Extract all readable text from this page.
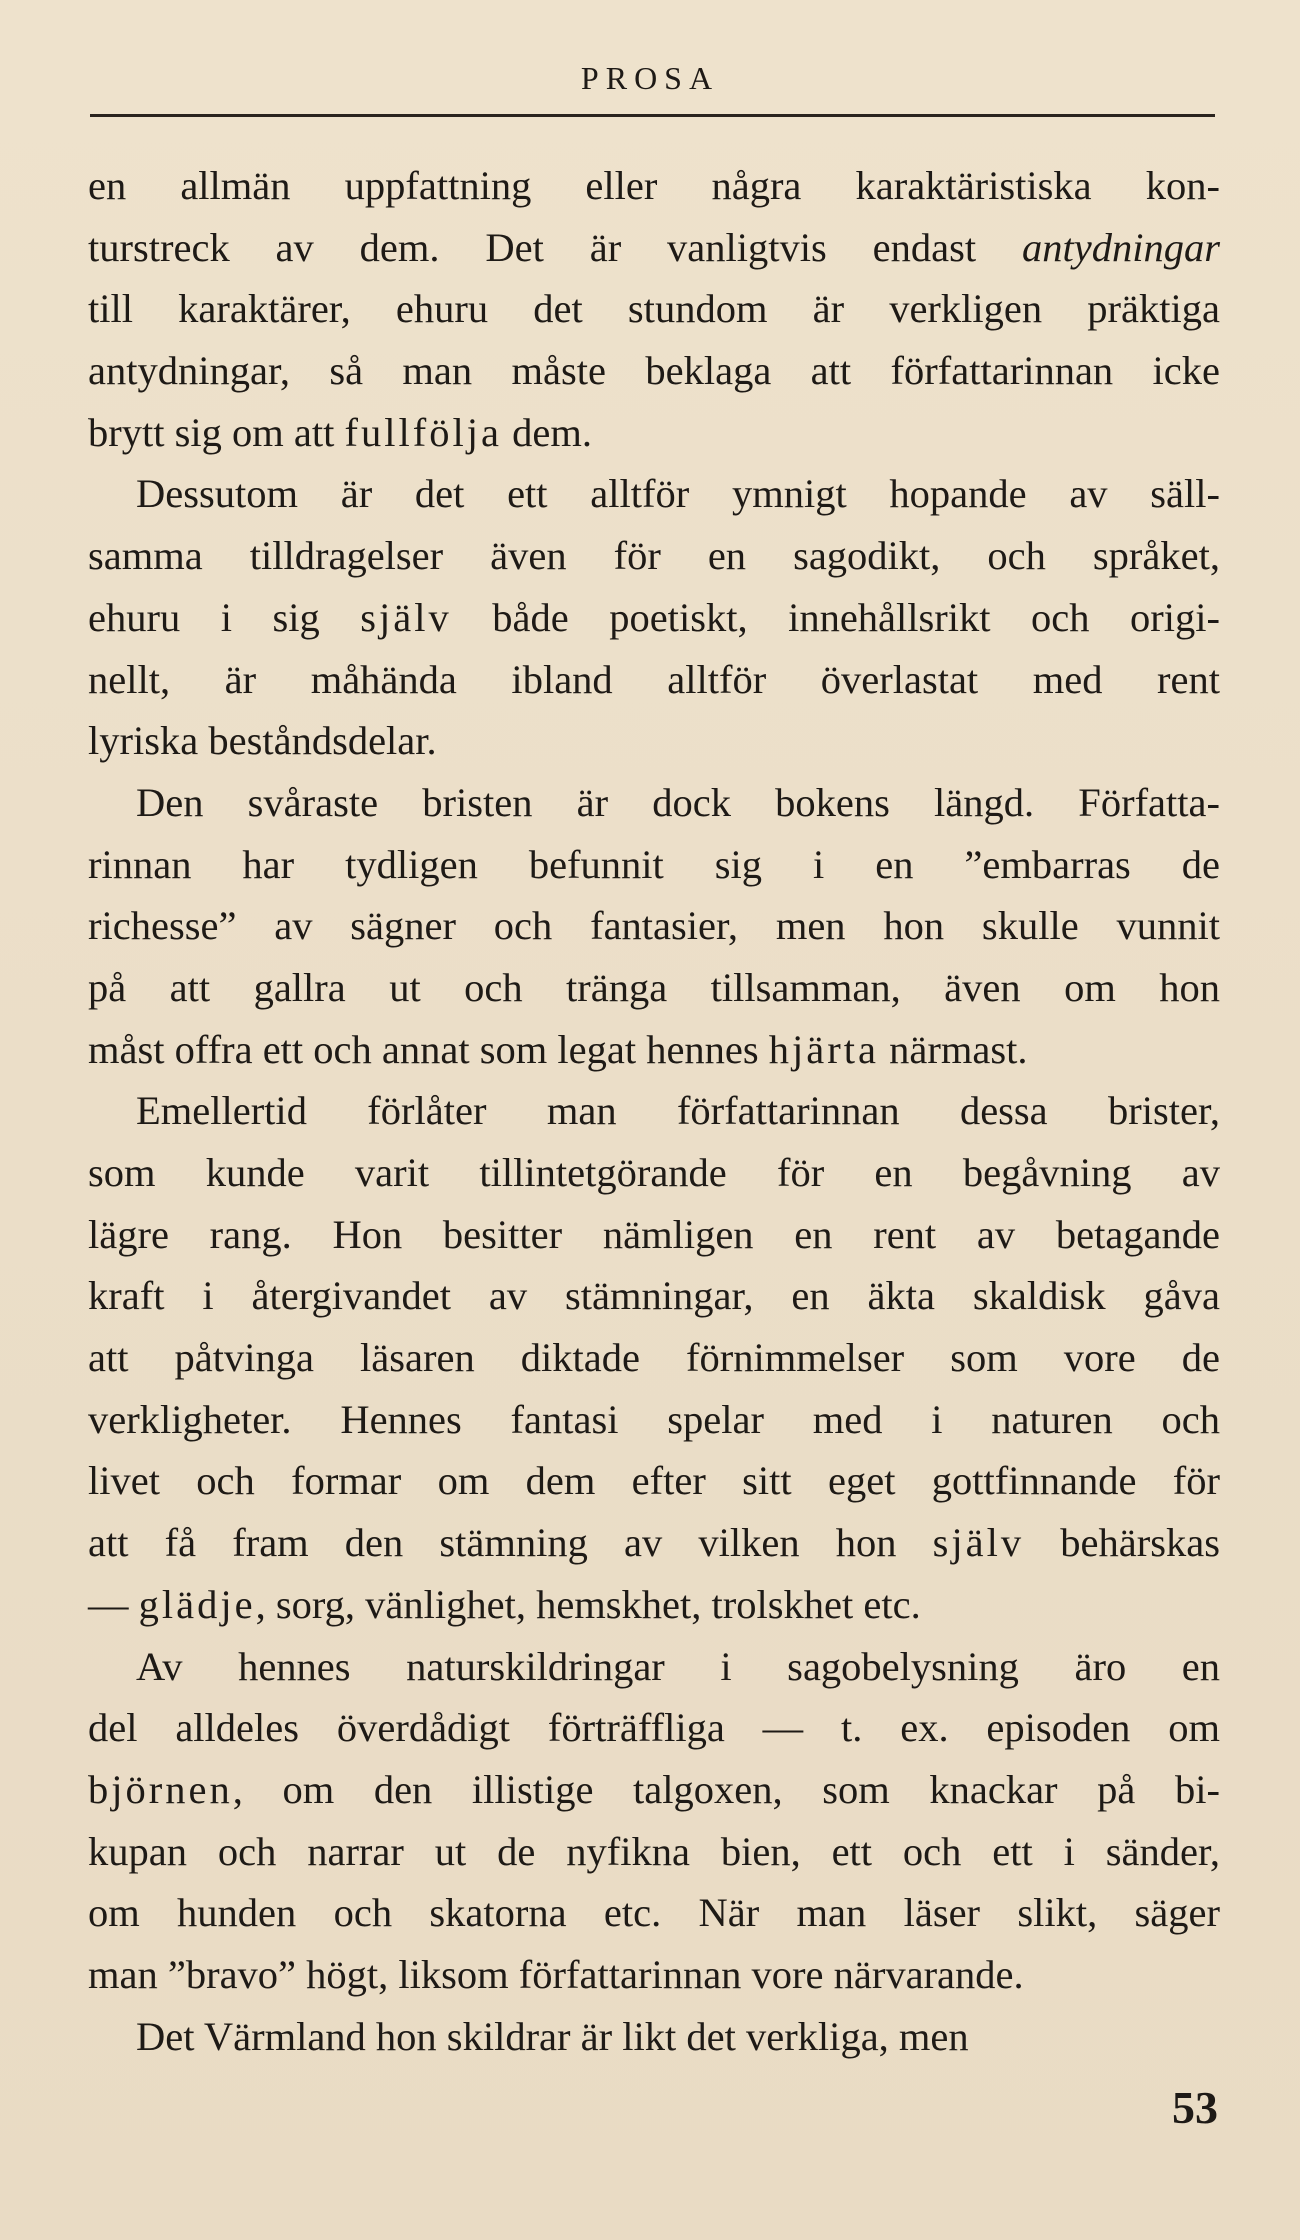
PROSA
en allmän uppfattning eller några karaktäristiska kon-
turstreck av dem. Det är vanligtvis endast antydningar
till karaktärer, ehuru det stundom är verkligen präktiga
antydningar, så man måste beklaga att författarinnan icke
brytt sig om att fullfölja dem.
Dessutom är det ett alltför ymnigt hopande av säll-
samma tilldragelser även för en sagodikt, och språket,
ehuru i sig själv både poetiskt, innehållsrikt och origi-
nellt, är måhända ibland alltför överlastat med rent
lyriska beståndsdelar.
Den svåraste bristen är dock bokens längd. Författa-
rinnan har tydligen befunnit sig i en ”embarras de
richesse” av sägner och fantasier, men hon skulle vunnit
på att gallra ut och tränga tillsamman, även om hon
måst offra ett och annat som legat hennes hjärta närmast.
Emellertid förlåter man författarinnan dessa brister,
som kunde varit tillintetgörande för en begåvning av
lägre rang. Hon besitter nämligen en rent av betagande
kraft i återgivandet av stämningar, en äkta skaldisk gåva
att påtvinga läsaren diktade förnimmelser som vore de
verkligheter. Hennes fantasi spelar med i naturen och
livet och formar om dem efter sitt eget gottfinnande för
att få fram den stämning av vilken hon själv behärskas
— glädje, sorg, vänlighet, hemskhet, trolskhet etc.
Av hennes naturskildringar i sagobelysning äro en
del alldeles överdådigt förträffliga — t. ex. episoden om
björnen, om den illistige talgoxen, som knackar på bi-
kupan och narrar ut de nyfikna bien, ett och ett i sänder,
om hunden och skatorna etc. När man läser slikt, säger
man ”bravo” högt, liksom författarinnan vore närvarande.
Det Värmland hon skildrar är likt det verkliga, men
53
